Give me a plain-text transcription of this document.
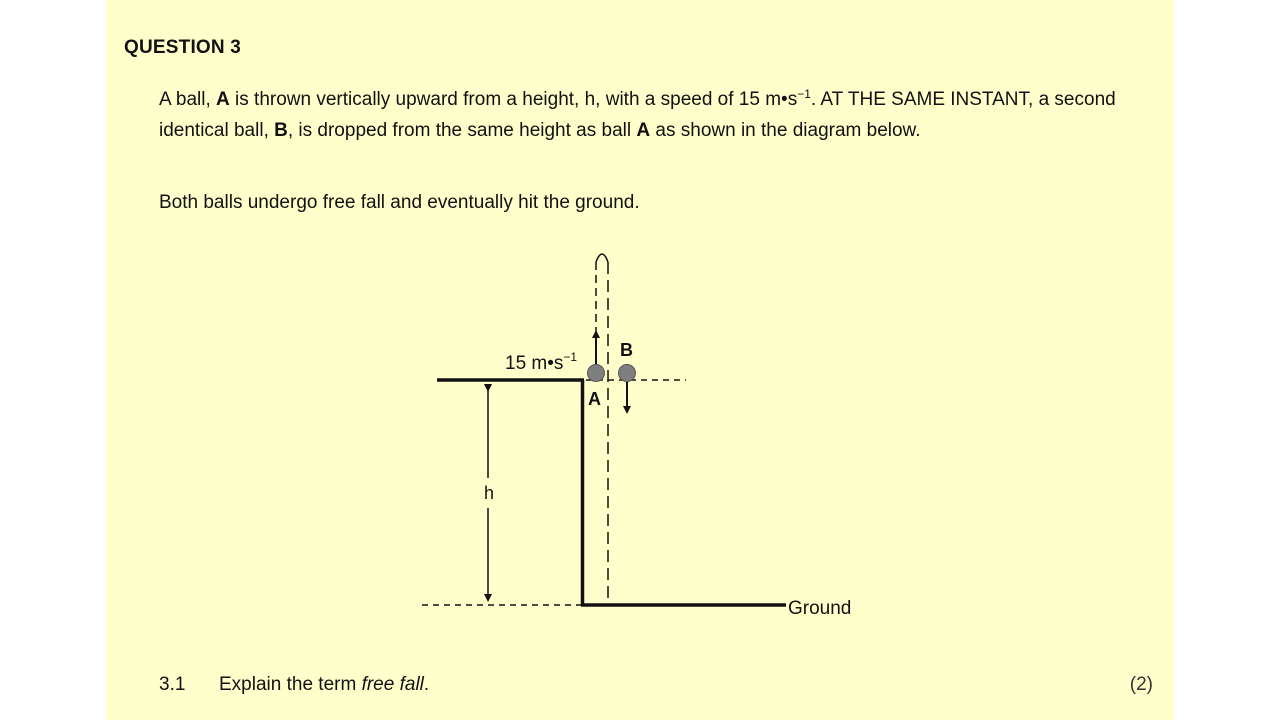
QUESTION 3

A ball, A is thrown vertically upward from a height, h, with a speed of 15 $m•s^{-1}$. AT THE SAME INSTANT, a second identical ball, B, is dropped from the same height as ball A as shown in the diagram below.

Both balls undergo free fall and eventually hit the ground.

h
15 $m•s^{-1}$
A
B
Ground
3.1 Explain the term free fall.	(2)
